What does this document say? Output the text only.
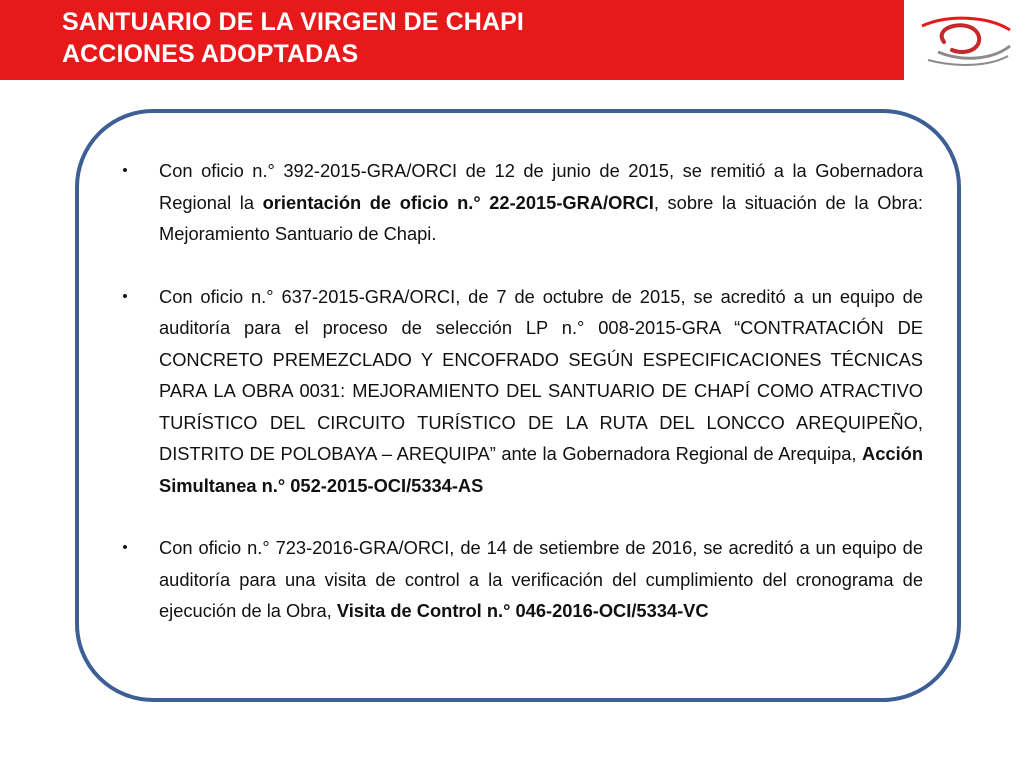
SANTUARIO DE LA VIRGEN DE CHAPI
ACCIONES ADOPTADAS
• Con oficio n.° 392-2015-GRA/ORCI de 12 de junio de 2015, se remitió a la Gobernadora Regional la orientación de oficio n.° 22-2015-GRA/ORCI, sobre la situación de la Obra: Mejoramiento Santuario de Chapi.
• Con oficio n.° 637-2015-GRA/ORCI, de 7 de octubre de 2015, se acreditó a un equipo de auditoría para el proceso de selección LP n.° 008-2015-GRA “CONTRATACIÓN DE CONCRETO PREMEZCLADO Y ENCOFRADO SEGÚN ESPECIFICACIONES TÉCNICAS PARA LA OBRA 0031: MEJORAMIENTO DEL SANTUARIO DE CHAPÍ COMO ATRACTIVO TURÍSTICO DEL CIRCUITO TURÍSTICO DE LA RUTA DEL LONCCO AREQUIPEÑO, DISTRITO DE POLOBAYA – AREQUIPA” ante la Gobernadora Regional de Arequipa, Acción Simultanea n.° 052-2015-OCI/5334-AS
• Con oficio n.° 723-2016-GRA/ORCI, de 14 de setiembre de 2016, se acreditó a un equipo de auditoría para una visita de control a la verificación del cumplimiento del cronograma de ejecución de la Obra, Visita de Control n.° 046-2016-OCI/5334-VC
